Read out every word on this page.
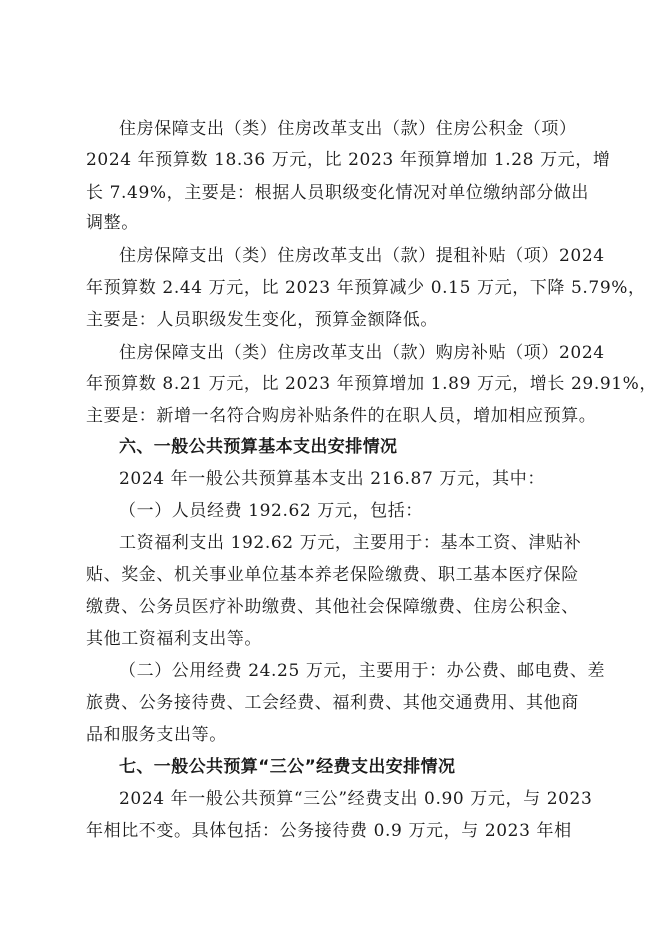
住房保障支出（类）住房改革支出（款）住房公积金（项）
2024 年预算数 18.36 万元，比 2023 年预算增加 1.28 万元，增
长 7.49%，主要是：根据人员职级变化情况对单位缴纳部分做出
调整。
住房保障支出（类）住房改革支出（款）提租补贴（项）2024
年预算数 2.44 万元，比 2023 年预算减少 0.15 万元，下降 5.79%，
主要是：人员职级发生变化，预算金额降低。
住房保障支出（类）住房改革支出（款）购房补贴（项）2024
年预算数 8.21 万元，比 2023 年预算增加 1.89 万元，增长 29.91%，
主要是：新增一名符合购房补贴条件的在职人员，增加相应预算。
六、一般公共预算基本支出安排情况
2024 年一般公共预算基本支出 216.87 万元，其中：
（一）人员经费 192.62 万元，包括：
工资福利支出 192.62 万元，主要用于：基本工资、津贴补
贴、奖金、机关事业单位基本养老保险缴费、职工基本医疗保险
缴费、公务员医疗补助缴费、其他社会保障缴费、住房公积金、
其他工资福利支出等。
（二）公用经费 24.25 万元，主要用于：办公费、邮电费、差
旅费、公务接待费、工会经费、福利费、其他交通费用、其他商
品和服务支出等。
七、一般公共预算“三公”经费支出安排情况
2024 年一般公共预算“三公”经费支出 0.90 万元，与 2023
年相比不变。具体包括：公务接待费 0.9 万元，与 2023 年相
